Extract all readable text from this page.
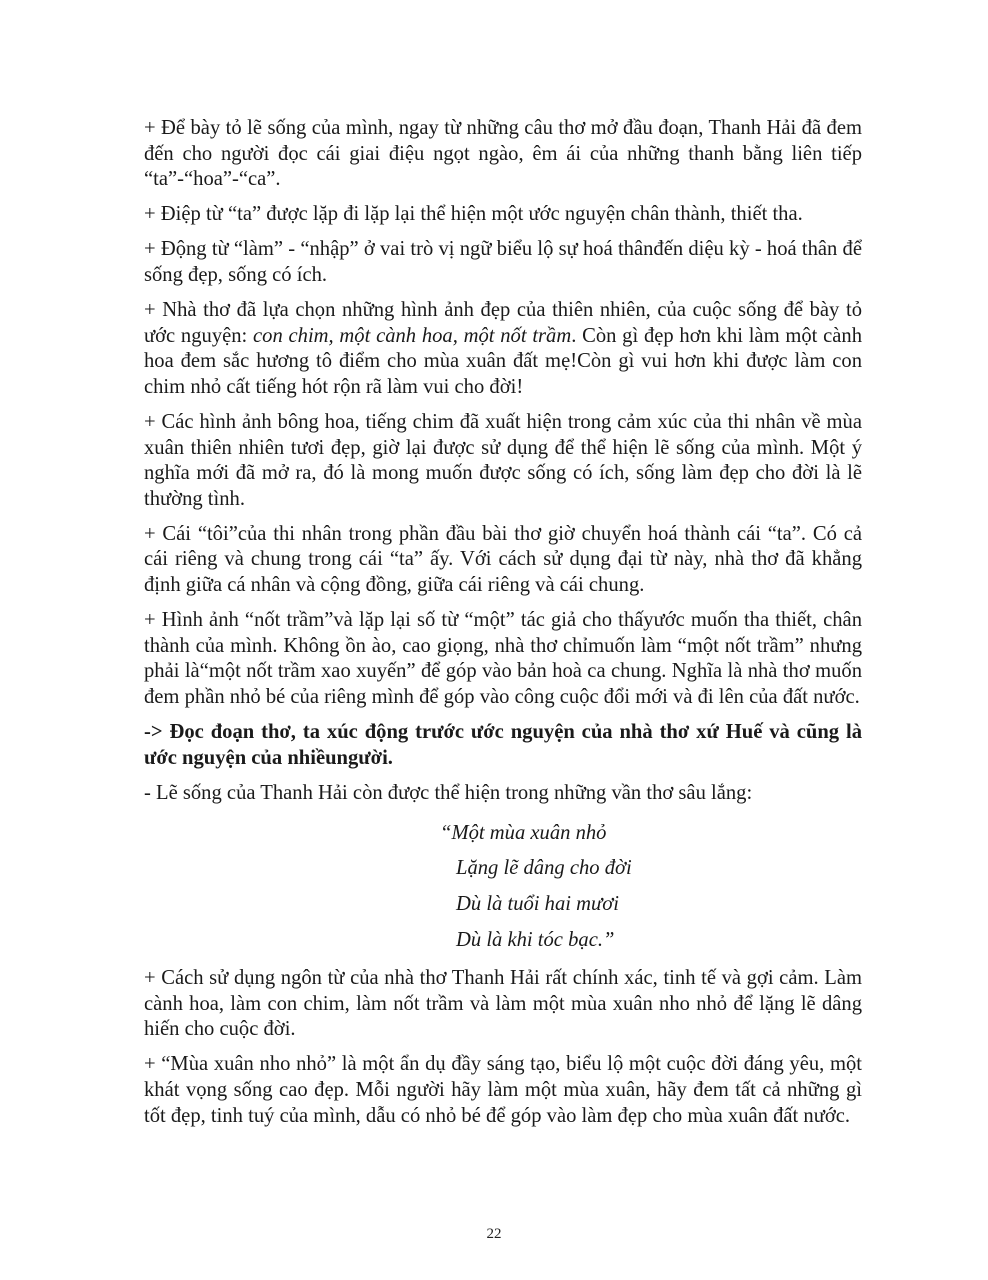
+ Để bày tỏ lẽ sống của mình, ngay từ những câu thơ mở đầu đoạn, Thanh Hải đã đem đến cho người đọc cái giai điệu ngọt ngào, êm ái của những thanh bằng liên tiếp “ta”-“hoa”-“ca”.

+ Điệp từ “ta” được lặp đi lặp lại thể hiện một ước nguyện chân thành, thiết tha.

+ Động từ “làm” - “nhập” ở vai trò vị ngữ biểu lộ sự hoá thânđến diệu kỳ - hoá thân để sống đẹp, sống có ích.

+ Nhà thơ đã lựa chọn những hình ảnh đẹp của thiên nhiên, của cuộc sống để bày tỏ ước nguyện: con chim, một cành hoa, một nốt trầm. Còn gì đẹp hơn khi làm một cành hoa đem sắc hương tô điểm cho mùa xuân đất mẹ!Còn gì vui hơn khi được làm con chim nhỏ cất tiếng hót rộn rã làm vui cho đời!

+ Các hình ảnh bông hoa, tiếng chim đã xuất hiện trong cảm xúc của thi nhân về mùa xuân thiên nhiên tươi đẹp, giờ lại được sử dụng để thể hiện lẽ sống của mình. Một ý nghĩa mới đã mở ra, đó là mong muốn được sống có ích, sống làm đẹp cho đời là lẽ thường tình.

+ Cái “tôi”của thi nhân trong phần đầu bài thơ giờ chuyển hoá thành cái “ta”. Có cả cái riêng và chung trong cái “ta” ấy. Với cách sử dụng đại từ này, nhà thơ đã khẳng định giữa cá nhân và cộng đồng, giữa cái riêng và cái chung.

+ Hình ảnh “nốt trầm”và lặp lại số từ “một” tác giả cho thấyước muốn tha thiết, chân thành của mình. Không ồn ào, cao giọng, nhà thơ chỉmuốn làm “một nốt trầm” nhưng phải là“một nốt trầm xao xuyến” để góp vào bản hoà ca chung. Nghĩa là nhà thơ muốn đem phần nhỏ bé của riêng mình để góp vào công cuộc đổi mới và đi lên của đất nước.

-> Đọc đoạn thơ, ta xúc động trước ước nguyện của nhà thơ xứ Huế và cũng là ước nguyện của nhiềungười.

- Lẽ sống của Thanh Hải còn được thể hiện trong những vần thơ sâu lắng:

“Một mùa xuân nhỏ
Lặng lẽ dâng cho đời
Dù là tuổi hai mươi
Dù là khi tóc bạc.”

+ Cách sử dụng ngôn từ của nhà thơ Thanh Hải rất chính xác, tinh tế và gợi cảm. Làm cành hoa, làm con chim, làm nốt trầm và làm một mùa xuân nho nhỏ để lặng lẽ dâng hiến cho cuộc đời.

+ “Mùa xuân nho nhỏ” là một ẩn dụ đầy sáng tạo, biểu lộ một cuộc đời đáng yêu, một khát vọng sống cao đẹp. Mỗi người hãy làm một mùa xuân, hãy đem tất cả những gì tốt đẹp, tinh tuý của mình, dẫu có nhỏ bé để góp vào làm đẹp cho mùa xuân đất nước.

22
